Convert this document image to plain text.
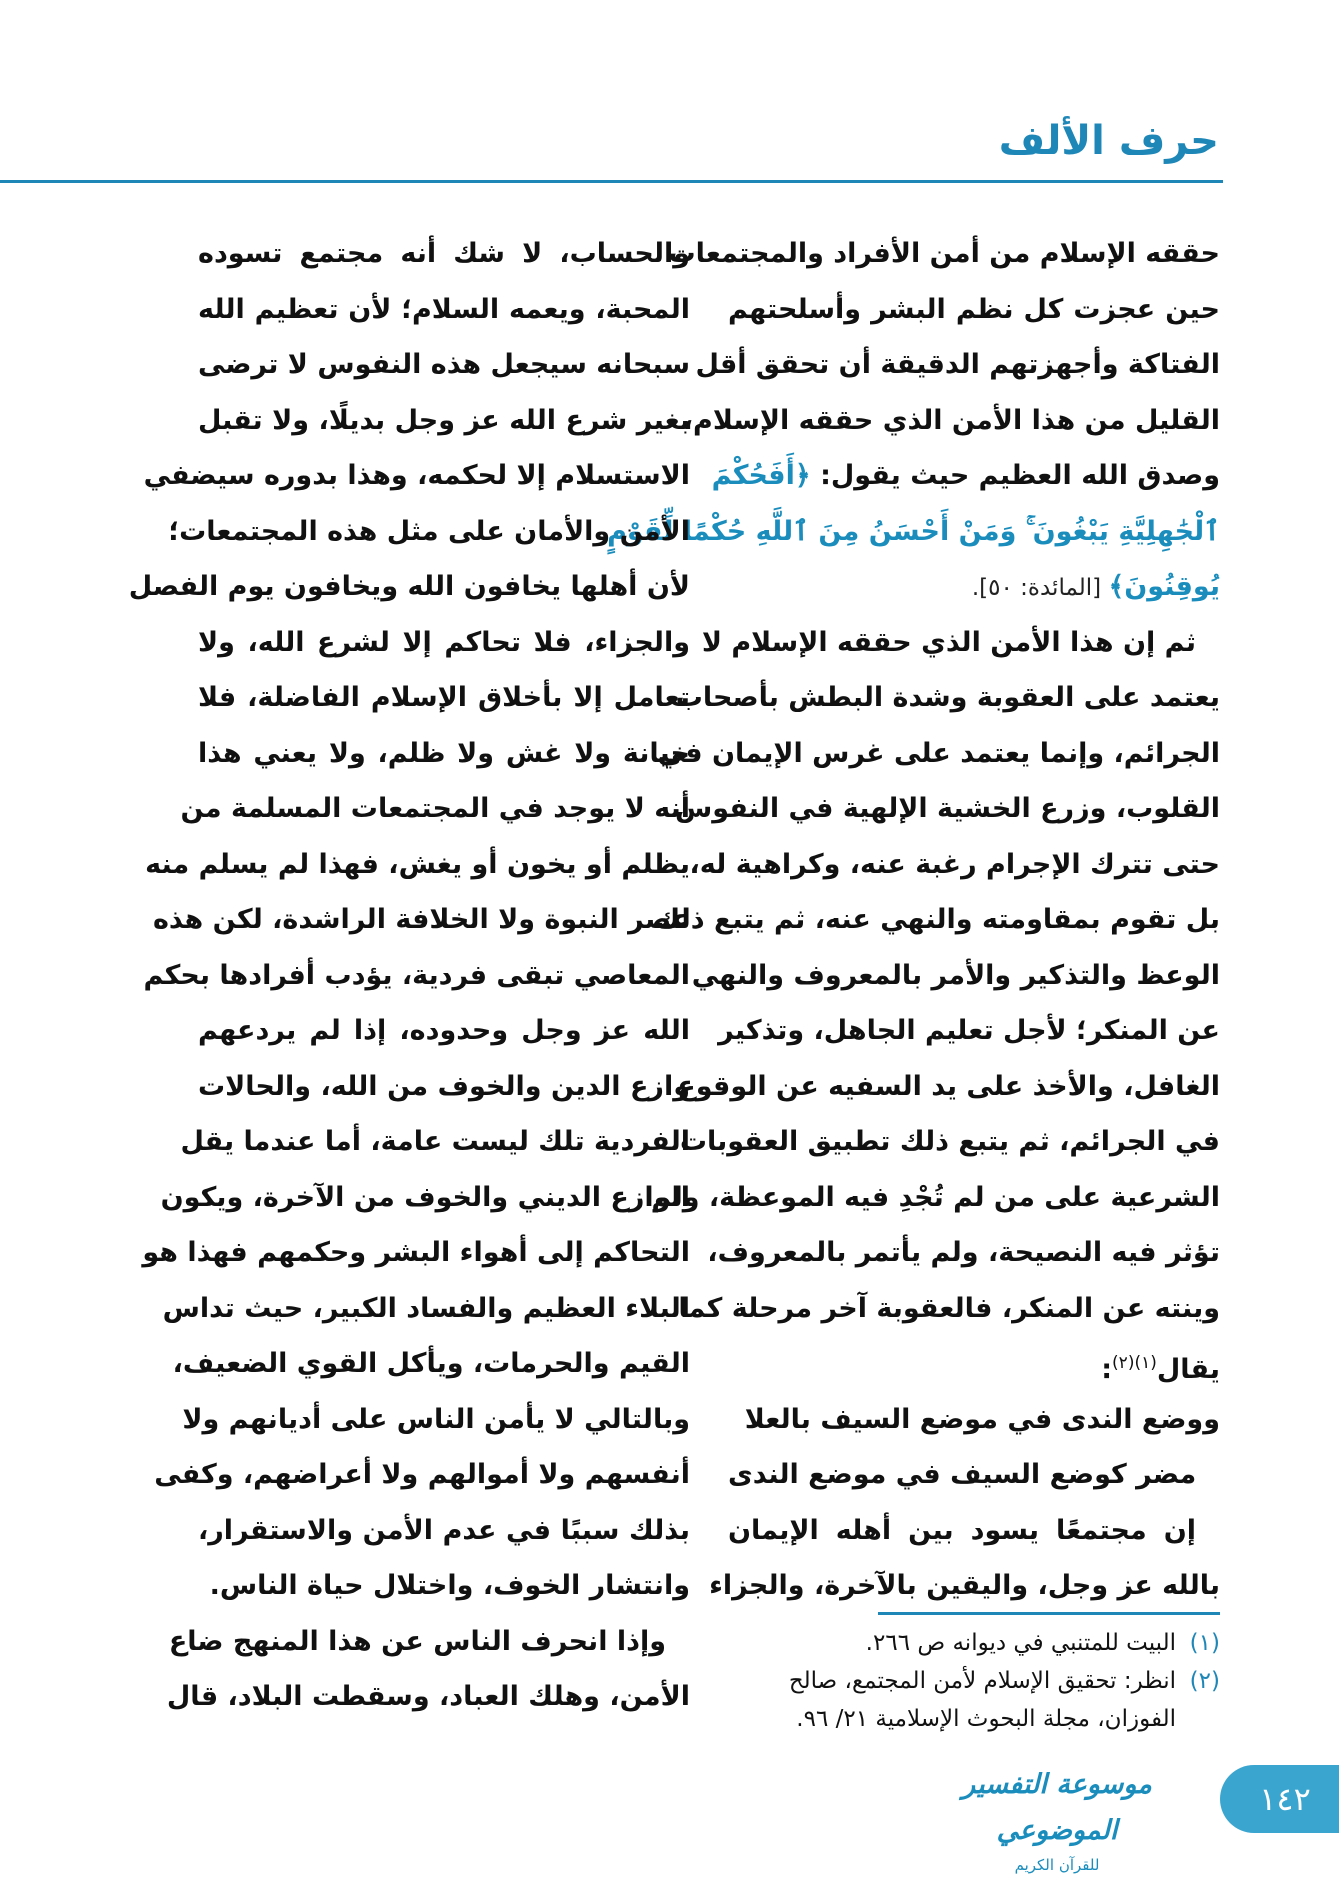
حرف الألف
حققه الإسلام من أمن الأفراد والمجتمعات
حين عجزت كل نظم البشر وأسلحتهم
الفتاكة وأجهزتهم الدقيقة أن تحقق أقل
القليل من هذا الأمن الذي حققه الإسلام،
وصدق الله العظيم حيث يقول: ﴿أَفَحُكْمَ
ٱلْجَٰهِلِيَّةِ يَبْغُونَ ۚ وَمَنْ أَحْسَنُ مِنَ ٱللَّهِ حُكْمًا لِّقَوْمٍ
يُوقِنُونَ﴾ [المائدة: ٥٠].
ثم إن هذا الأمن الذي حققه الإسلام لا
يعتمد على العقوبة وشدة البطش بأصحاب
الجرائم، وإنما يعتمد على غرس الإيمان في
القلوب، وزرع الخشية الإلهية في النفوس
حتى تترك الإجرام رغبة عنه، وكراهية له،
بل تقوم بمقاومته والنهي عنه، ثم يتبع ذلك
الوعظ والتذكير والأمر بالمعروف والنهي
عن المنكر؛ لأجل تعليم الجاهل، وتذكير
الغافل، والأخذ على يد السفيه عن الوقوع
في الجرائم، ثم يتبع ذلك تطبيق العقوبات
الشرعية على من لم تُجْدِ فيه الموعظة، ولم
تؤثر فيه النصيحة، ولم يأتمر بالمعروف،
وينته عن المنكر، فالعقوبة آخر مرحلة كما
يقال$^{(١)(٢)}$:
ووضع الندى في موضع السيف بالعلا
مضر كوضع السيف في موضع الندى
إن مجتمعًا يسود بين أهله الإيمان
بالله عز وجل، واليقين بالآخرة، والجزاء
والحساب، لا شك أنه مجتمع تسوده
المحبة، ويعمه السلام؛ لأن تعظيم الله
سبحانه سيجعل هذه النفوس لا ترضى
بغير شرع الله عز وجل بديلًا، ولا تقبل
الاستسلام إلا لحكمه، وهذا بدوره سيضفي
الأمن والأمان على مثل هذه المجتمعات؛
لأن أهلها يخافون الله ويخافون يوم الفصل
والجزاء، فلا تحاكم إلا لشرع الله، ولا
تعامل إلا بأخلاق الإسلام الفاضلة، فلا
خيانة ولا غش ولا ظلم، ولا يعني هذا
أنه لا يوجد في المجتمعات المسلمة من
يظلم أو يخون أو يغش، فهذا لم يسلم منه
عصر النبوة ولا الخلافة الراشدة، لكن هذه
المعاصي تبقى فردية، يؤدب أفرادها بحكم
الله عز وجل وحدوده، إذا لم يردعهم
وازع الدين والخوف من الله، والحالات
الفردية تلك ليست عامة، أما عندما يقل
الوازع الديني والخوف من الآخرة، ويكون
التحاكم إلى أهواء البشر وحكمهم فهذا هو
البلاء العظيم والفساد الكبير، حيث تداس
القيم والحرمات، ويأكل القوي الضعيف،
وبالتالي لا يأمن الناس على أديانهم ولا
أنفسهم ولا أموالهم ولا أعراضهم، وكفى
بذلك سببًا في عدم الأمن والاستقرار،
وانتشار الخوف، واختلال حياة الناس.
وإذا انحرف الناس عن هذا المنهج ضاع
الأمن، وهلك العباد، وسقطت البلاد، قال
(١)
البيت للمتنبي في ديوانه ص ٢٦٦.
(٢)
انظر: تحقيق الإسلام لأمن المجتمع، صالح الفوزان، مجلة البحوث الإسلامية ٢١/ ٩٦.
موسوعة التفسير الموضوعي
للقرآن الكريم
١٤٢
